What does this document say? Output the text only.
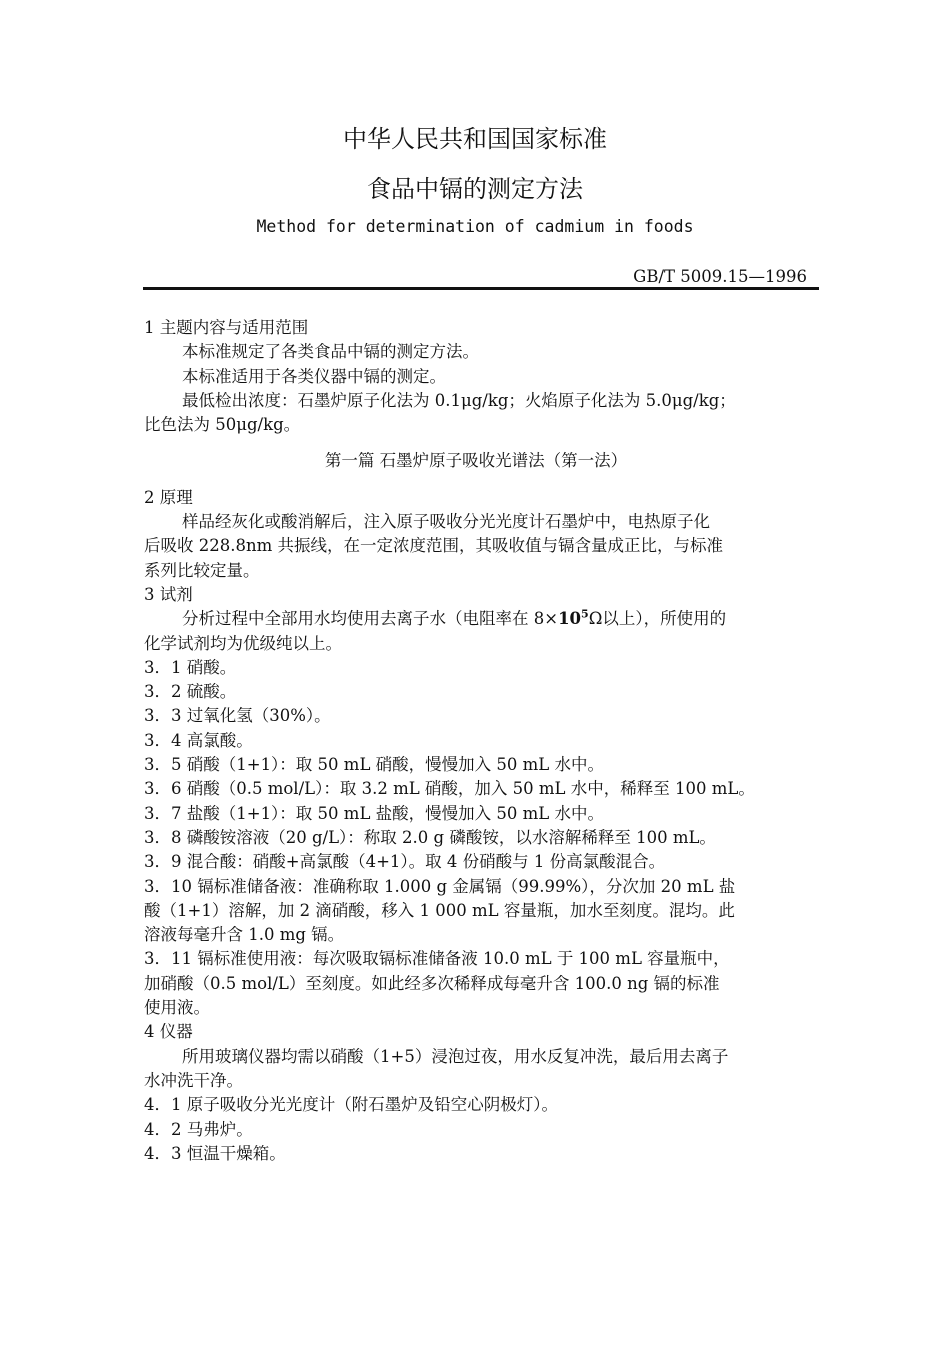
中华人民共和国国家标准
食品中镉的测定方法
Method for determination of cadmium in foods
GB/T 5009.15—1996

1 主题内容与适用范围

本标准规定了各类食品中镉的测定方法。

本标准适用于各类仪器中镉的测定。

最低检出浓度：石墨炉原子化法为 0.1μg/kg；火焰原子化法为 5.0μg/kg；

比色法为 50μg/kg。

第一篇 石墨炉原子吸收光谱法（第一法）

2 原理

样品经灰化或酸消解后，注入原子吸收分光光度计石墨炉中，电热原子化

后吸收 228.8nm 共振线，在一定浓度范围，其吸收值与镉含量成正比，与标准

系列比较定量。

3 试剂

分析过程中全部用水均使用去离子水（电阻率在 $8\times 10^5\Omega$以上），所使用的

化学试剂均为优级纯以上。

3．1 硝酸。

3．2 硫酸。

3．3 过氧化氢（30%）。

3．4 高氯酸。

3．5 硝酸（1+1）：取 50 mL 硝酸，慢慢加入 50 mL 水中。

3．6 硝酸（0.5 mol/L）：取 3.2 mL 硝酸，加入 50 mL 水中，稀释至 100 mL。

3．7 盐酸（1+1）：取 50 mL 盐酸，慢慢加入 50 mL 水中。

3．8 磷酸铵溶液（20 g/L）：称取 2.0 g 磷酸铵，以水溶解稀释至 100 mL。

3．9 混合酸：硝酸+高氯酸（4+1）。取 4 份硝酸与 1 份高氯酸混合。

3．10 镉标准储备液：准确称取 1.000 g 金属镉（99.99%），分次加 20 mL 盐

酸（1+1）溶解，加 2 滴硝酸，移入 1 000 mL 容量瓶，加水至刻度。混均。此

溶液每毫升含 1.0 mg 镉。

3．11 镉标准使用液：每次吸取镉标准储备液 10.0 mL 于 100 mL 容量瓶中，

加硝酸（0.5 mol/L）至刻度。如此经多次稀释成每毫升含 100.0 ng 镉的标准

使用液。

4 仪器

所用玻璃仪器均需以硝酸（1+5）浸泡过夜，用水反复冲洗，最后用去离子

水冲洗干净。

4．1 原子吸收分光光度计（附石墨炉及铅空心阴极灯）。

4．2 马弗炉。

4．3 恒温干燥箱。
